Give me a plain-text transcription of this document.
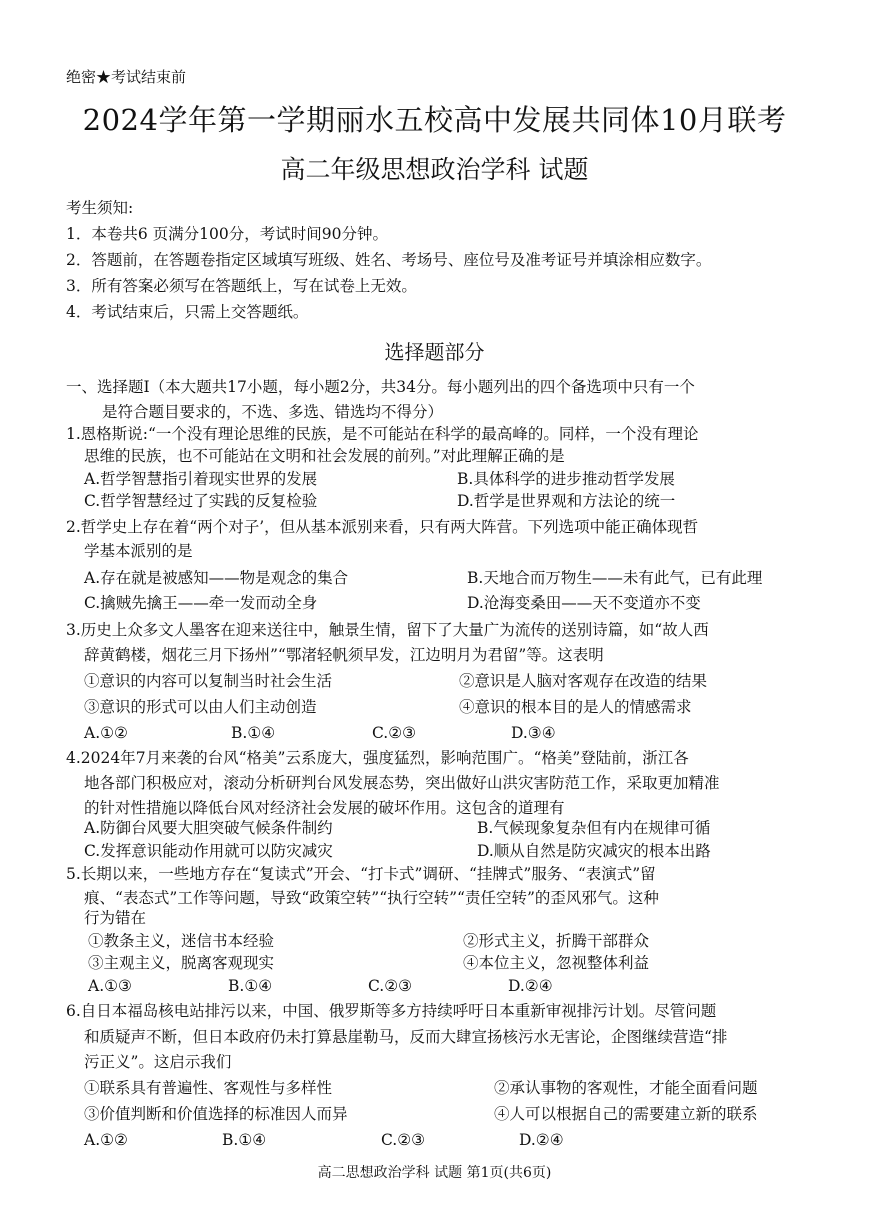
绝密★考试结束前
2024学年第一学期丽水五校高中发展共同体10月联考
高二年级思想政治学科 试题
考生须知:
1．本卷共6 页满分100分，考试时间90分钟。
2．答题前，在答题卷指定区域填写班级、姓名、考场号、座位号及准考证号并填涂相应数字。
3．所有答案必须写在答题纸上，写在试卷上无效。
4．考试结束后，只需上交答题纸。
选择题部分
一、选择题Ⅰ（本大题共17小题，每小题2分，共34分。每小题列出的四个备选项中只有一个
是符合题目要求的，不选、多选、错选均不得分）
1.恩格斯说:“一个没有理论思维的民族，是不可能站在科学的最高峰的。同样，一个没有理论
思维的民族，也不可能站在文明和社会发展的前列。”对此理解正确的是
A.哲学智慧指引着现实世界的发展	B.具体科学的进步推动哲学发展
C.哲学智慧经过了实践的反复检验	D.哲学是世界观和方法论的统一
2.哲学史上存在着“两个对子’，但从基本派别来看，只有两大阵营。下列选项中能正确体现哲
学基本派别的是
A.存在就是被感知——物是观念的集合	B.天地合而万物生——未有此气，已有此理
C.擒贼先擒王——牵一发而动全身	D.沧海变桑田——天不变道亦不变
3.历史上众多文人墨客在迎来送往中，触景生情，留下了大量广为流传的送别诗篇，如“故人西
辞黄鹤楼，烟花三月下扬州”“鄂渚轻帆须早发，江边明月为君留”等。这表明
①意识的内容可以复制当时社会生活	②意识是人脑对客观存在改造的结果
③意识的形式可以由人们主动创造	④意识的根本目的是人的情感需求
A.①②	B.①④	C.②③	D.③④
4.2024年7月来袭的台风“格美”云系庞大，强度猛烈，影响范围广。“格美”登陆前，浙江各
地各部门积极应对，滚动分析研判台风发展态势，突出做好山洪灾害防范工作，采取更加精准
的针对性措施以降低台风对经济社会发展的破坏作用。这包含的道理有
A.防御台风要大胆突破气候条件制约	B.气候现象复杂但有内在规律可循
C.发挥意识能动作用就可以防灾减灾	D.顺从自然是防灾减灾的根本出路
5.长期以来，一些地方存在“复读式”开会、“打卡式”调研、“挂牌式”服务、“表演式”留
痕、“表态式”工作等问题，导致“政策空转”“执行空转”“责任空转”的歪风邪气。这种
行为错在
①教条主义，迷信书本经验	②形式主义，折腾干部群众
③主观主义，脱离客观现实	④本位主义，忽视整体利益
A.①③	B.①④	C.②③	D.②④
6.自日本福岛核电站排污以来，中国、俄罗斯等多方持续呼吁日本重新审视排污计划。尽管问题
和质疑声不断，但日本政府仍未打算悬崖勒马，反而大肆宣扬核污水无害论，企图继续营造“排
污正义”。这启示我们
①联系具有普遍性、客观性与多样性	②承认事物的客观性，才能全面看问题
③价值判断和价值选择的标准因人而异	④人可以根据自己的需要建立新的联系
A.①②	B.①④	C.②③	D.②④
高二思想政治学科 试题 第1页(共6页)
